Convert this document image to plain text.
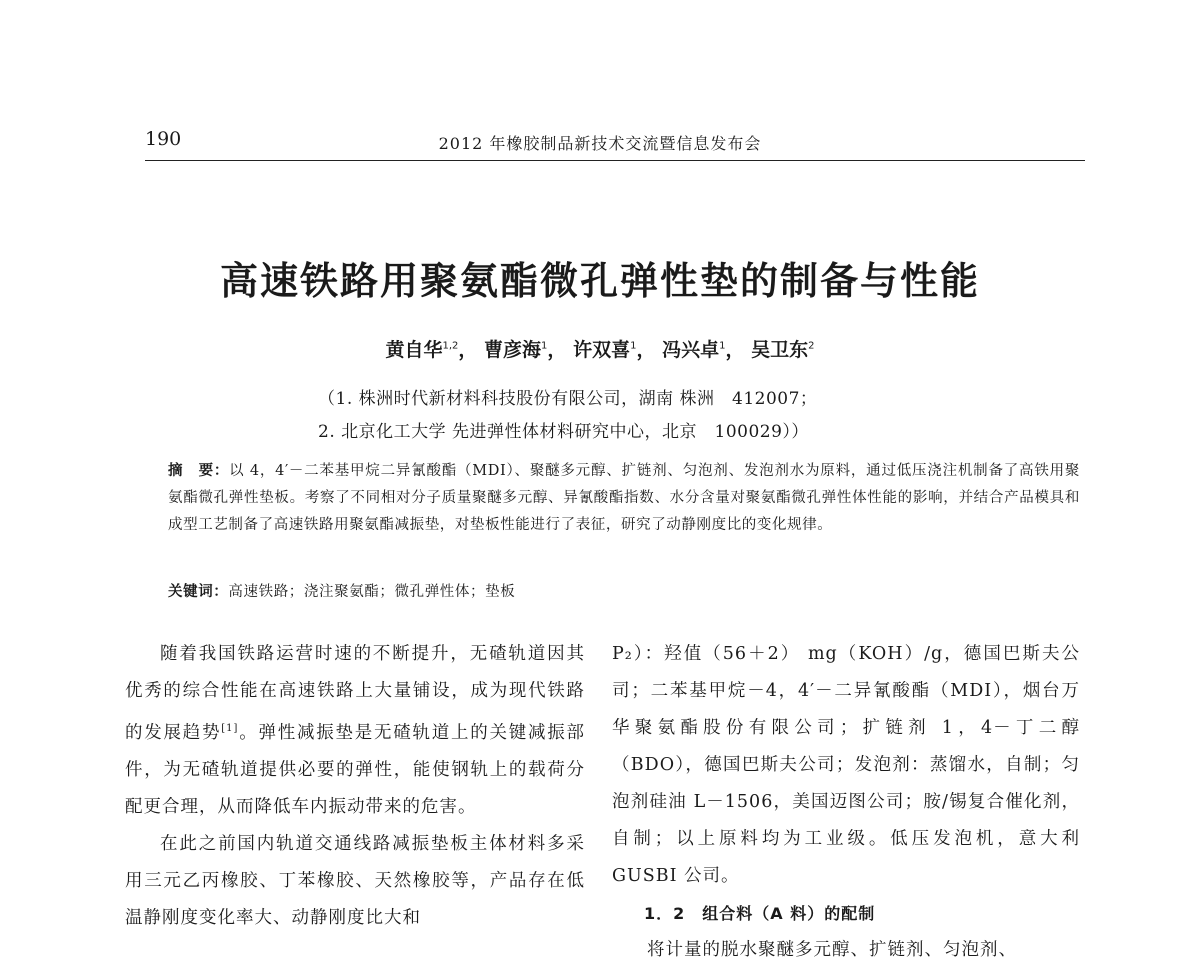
190	2012 年橡胶制品新技术交流暨信息发布会
高速铁路用聚氨酯微孔弹性垫的制备与性能
黄自华$^{1,2}$， 曹彦海$^1$， 许双喜$^1$， 冯兴卓$^1$， 吴卫东$^2$
（1. 株洲时代新材料科技股份有限公司，湖南 株洲　412007；
2. 北京化工大学 先进弹性体材料研究中心，北京　100029））
摘　要：以 4，4′－二苯基甲烷二异氰酸酯（MDI）、聚醚多元醇、扩链剂、匀泡剂、发泡剂水为原料，通过低压浇注机制备了高铁用聚氨酯微孔弹性垫板。考察了不同相对分子质量聚醚多元醇、异氰酸酯指数、水分含量对聚氨酯微孔弹性体性能的影响，并结合产品模具和成型工艺制备了高速铁路用聚氨酯减振垫，对垫板性能进行了表征，研究了动静刚度比的变化规律。
关键词：高速铁路；浇注聚氨酯；微孔弹性体；垫板

随着我国铁路运营时速的不断提升，无碴轨道因其优秀的综合性能在高速铁路上大量铺设，成为现代铁路的发展趋势[1]。弹性减振垫是无碴轨道上的关键减振部件，为无碴轨道提供必要的弹性，能使钢轨上的载荷分配更合理，从而降低车内振动带来的危害。

在此之前国内轨道交通线路减振垫板主体材料多采用三元乙丙橡胶、丁苯橡胶、天然橡胶等，产品存在低温静刚度变化率大、动静刚度比大和

P₂）：羟值（56＋2） mg（KOH）/g，德国巴斯夫公司；二苯基甲烷－4，4′－二异氰酸酯（MDI），烟台万华聚氨酯股份有限公司；扩链剂 1，4－丁二醇（BDO），德国巴斯夫公司；发泡剂：蒸馏水，自制；匀泡剂硅油 L－1506，美国迈图公司；胺/锡复合催化剂，自制；以上原料均为工业级。低压发泡机，意大利 GUSBI 公司。

1．2　组合料（A 料）的配制

将计量的脱水聚醚多元醇、扩链剂、匀泡剂、
